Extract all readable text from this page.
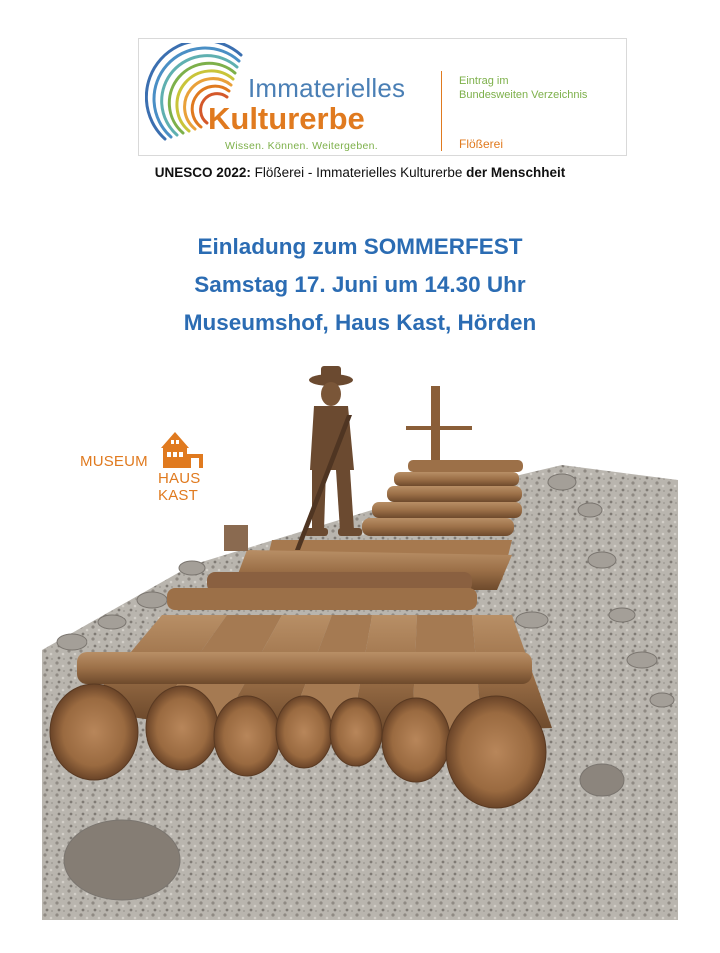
Immaterielles
Kulturerbe
Wissen. Können. Weitergeben.
Eintrag im
Bundesweiten Verzeichnis
Flößerei
UNESCO 2022: Flößerei - Immaterielles Kulturerbe der Menschheit
Einladung zum SOMMERFEST
Samstag 17. Juni um 14.30 Uhr
Museumshof, Haus Kast, Hörden
MUSEUM
HAUS KAST
